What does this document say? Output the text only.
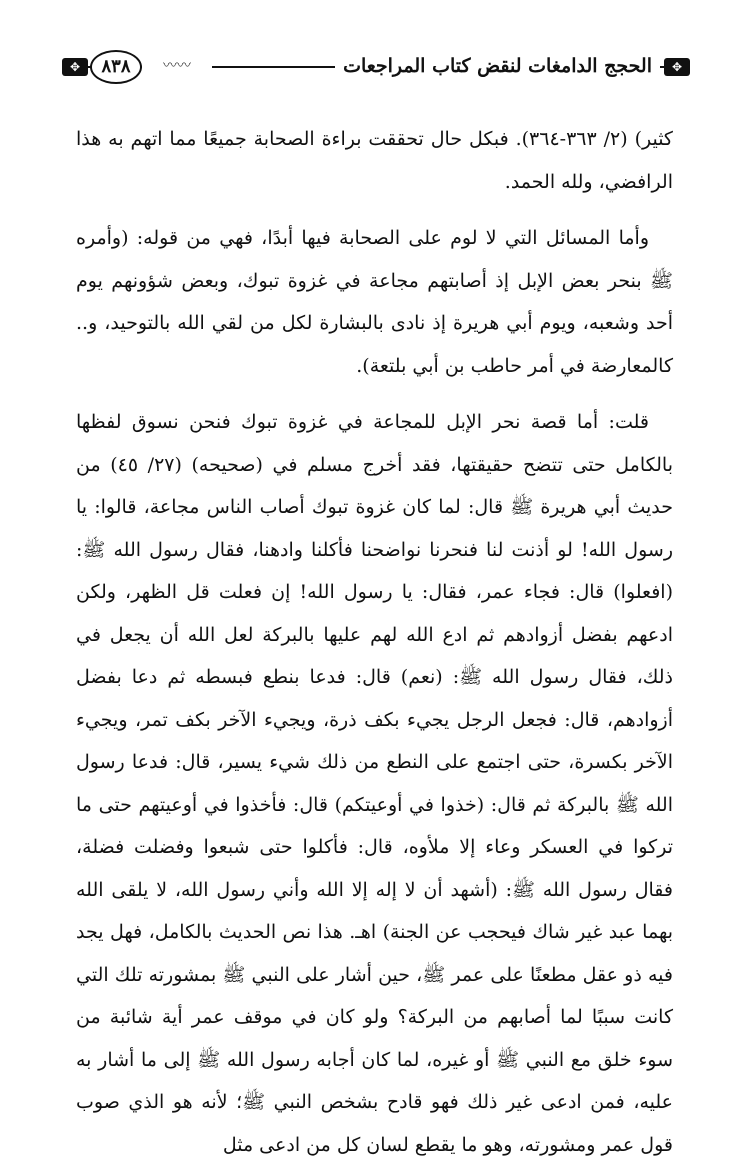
✥	٨٣٨	〰〰	الحجج الدامغات لنقض كتاب المراجعات	✥

كثير) (٢/ ٣٦٣-٣٦٤). فبكل حال تحققت براءة الصحابة جميعًا مما اتهم به هذا الرافضي، ولله الحمد.

وأما المسائل التي لا لوم على الصحابة فيها أبدًا، فهي من قوله: (وأمره ﷺ بنحر بعض الإبل إذ أصابتهم مجاعة في غزوة تبوك، وبعض شؤونهم يوم أحد وشعبه، ويوم أبي هريرة إذ نادى بالبشارة لكل من لقي الله بالتوحيد، و.. كالمعارضة في أمر حاطب بن أبي بلتعة).

قلت: أما قصة نحر الإبل للمجاعة في غزوة تبوك فنحن نسوق لفظها بالكامل حتى تتضح حقيقتها، فقد أخرج مسلم في (صحيحه) (٢٧/ ٤٥) من حديث أبي هريرة ﷺ قال: لما كان غزوة تبوك أصاب الناس مجاعة، قالوا: يا رسول الله! لو أذنت لنا فنحرنا نواضحنا فأكلنا وادهنا، فقال رسول الله ﷺ: (افعلوا) قال: فجاء عمر، فقال: يا رسول الله! إن فعلت قل الظهر، ولكن ادعهم بفضل أزوادهم ثم ادع الله لهم عليها بالبركة لعل الله أن يجعل في ذلك، فقال رسول الله ﷺ: (نعم) قال: فدعا بنطع فبسطه ثم دعا بفضل أزوادهم، قال: فجعل الرجل يجيء بكف ذرة، ويجيء الآخر بكف تمر، ويجيء الآخر بكسرة، حتى اجتمع على النطع من ذلك شيء يسير، قال: فدعا رسول الله ﷺ بالبركة ثم قال: (خذوا في أوعيتكم) قال: فأخذوا في أوعيتهم حتى ما تركوا في العسكر وعاء إلا ملأوه، قال: فأكلوا حتى شبعوا وفضلت فضلة، فقال رسول الله ﷺ: (أشهد أن لا إله إلا الله وأني رسول الله، لا يلقى الله بهما عبد غير شاك فيحجب عن الجنة) اهـ. هذا نص الحديث بالكامل، فهل يجد فيه ذو عقل مطعنًا على عمر ﷺ، حين أشار على النبي ﷺ بمشورته تلك التي كانت سببًا لما أصابهم من البركة؟ ولو كان في موقف عمر أية شائبة من سوء خلق مع النبي ﷺ أو غيره، لما كان أجابه رسول الله ﷺ إلى ما أشار به عليه، فمن ادعى غير ذلك فهو قادح بشخص النبي ﷺ؛ لأنه هو الذي صوب قول عمر ومشورته، وهو ما يقطع لسان كل من ادعى مثل
